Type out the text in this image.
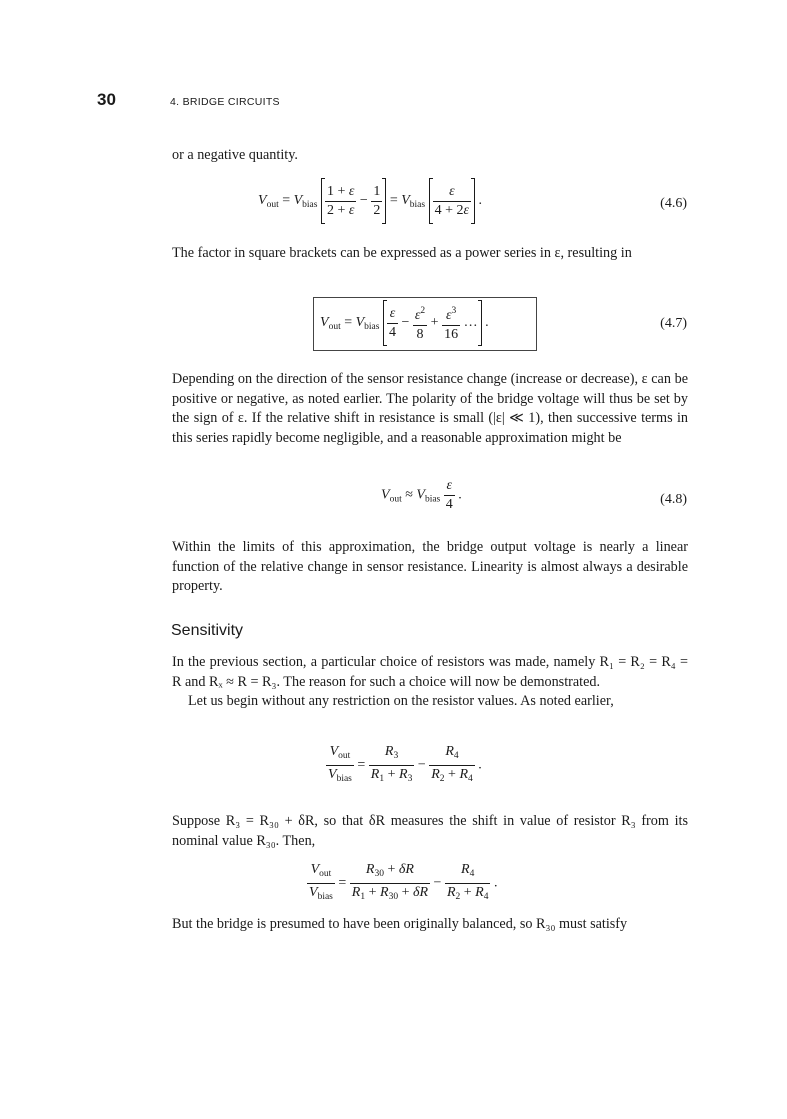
30	4. BRIDGE CIRCUITS

or a negative quantity.

$V_{out} = V_{bias} \frac{1 + \varepsilon}{2 + \varepsilon} - \frac{1}{2} = V_{bias} \frac{\varepsilon}{4 + 2\varepsilon}$ .	(4.6)

The factor in square brackets can be expressed as a power series in ε, resulting in

$V_{out} = V_{bias} \frac{\varepsilon}{4} - \frac{\varepsilon^2}{8} + \frac{\varepsilon^3}{16}$ … .	(4.7)

Depending on the direction of the sensor resistance change (increase or decrease), ε can be positive or negative, as noted earlier. The polarity of the bridge voltage will thus be set by the sign of ε. If the relative shift in resistance is small (|ε| ≪ 1), then successive terms in this series rapidly become negligible, and a reasonable approximation might be

$V_{out} \approx V_{bias} \frac{\varepsilon}{4}$ .	(4.8)

Within the limits of this approximation, the bridge output voltage is nearly a linear function of the relative change in sensor resistance. Linearity is almost always a desirable property.

Sensitivity

In the previous section, a particular choice of resistors was made, namely R₁ = R₂ = R₄ = R and Rₓ ≈ R = R₃. The reason for such a choice will now be demonstrated.

Let us begin without any restriction on the resistor values. As noted earlier,

$\frac{V_{out}}{V_{bias}} = \frac{R_3}{R_1 + R_3} - \frac{R_4}{R_2 + R_4}$ .

Suppose R₃ = R₃₀ + δR, so that δR measures the shift in value of resistor R₃ from its nominal value R₃₀. Then,

$\frac{V_{out}}{V_{bias}} = \frac{R_{30} + \delta R}{R_1 + R_{30} + \delta R} - \frac{R_4}{R_2 + R_4}$ .

But the bridge is presumed to have been originally balanced, so R₃₀ must satisfy
